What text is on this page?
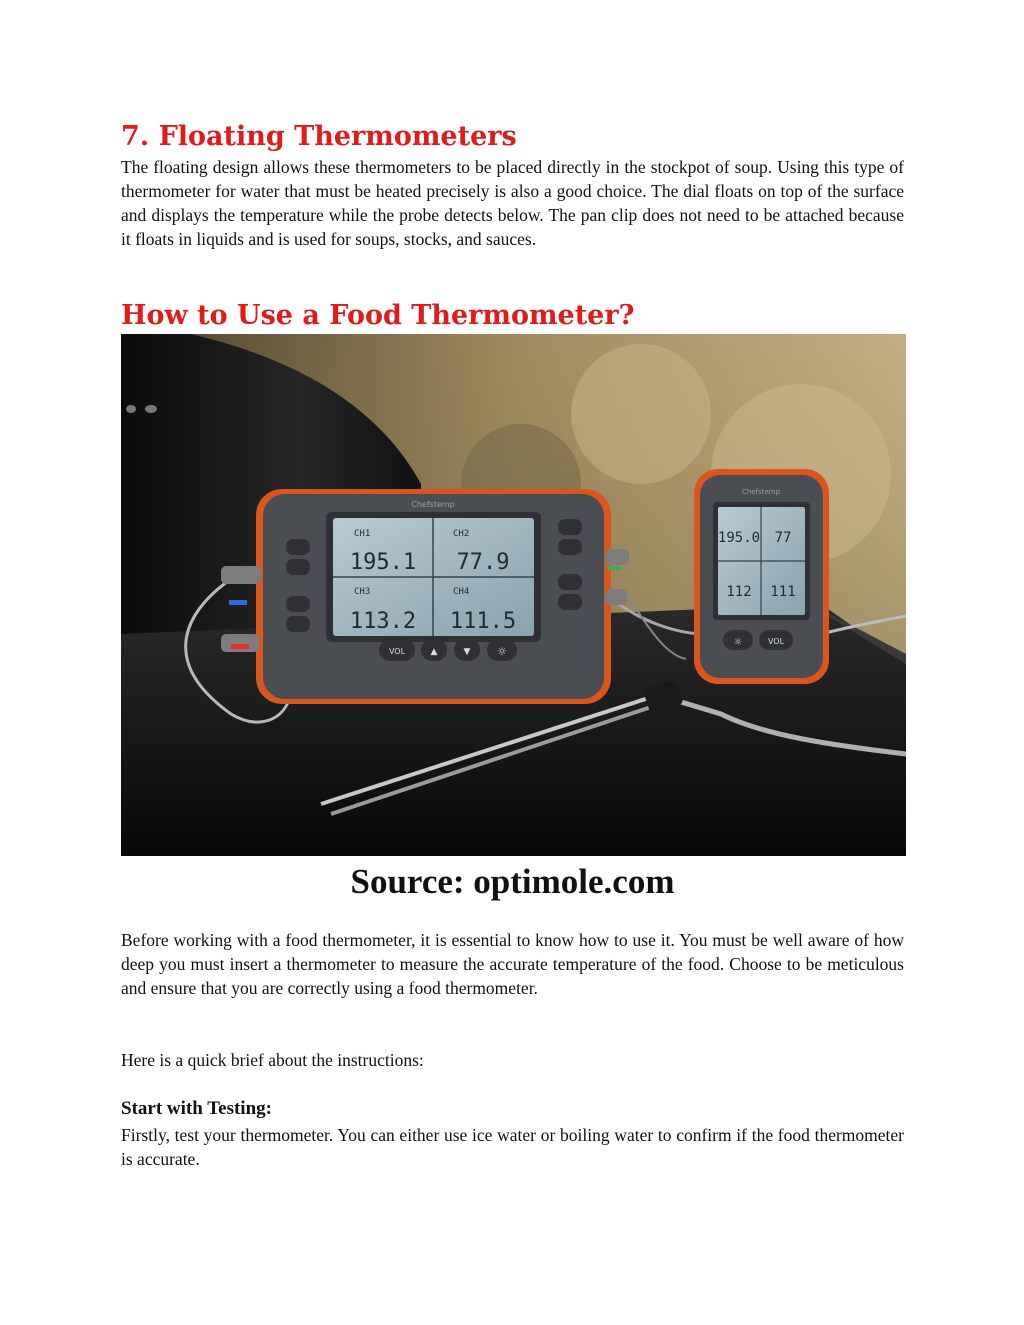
7. Floating Thermometers

The floating design allows these thermometers to be placed directly in the stockpot of soup. Using this type of thermometer for water that must be heated precisely is also a good choice. The dial floats on top of the surface and displays the temperature while the probe detects below. The pan clip does not need to be attached because it floats in liquids and is used for soups, stocks, and sauces.

How to Use a Food Thermometer?
195.1 77.9
113.2 111.5
CH1	CH2
CH3	CH4
Chefstemp
VOL	▲	▼ ☼
195.0 77
112 111
Chefstemp
☼	VOL
Source: optimole.com

Before working with a food thermometer, it is essential to know how to use it. You must be well aware of how deep you must insert a thermometer to measure the accurate temperature of the food. Choose to be meticulous and ensure that you are correctly using a food thermometer.

Here is a quick brief about the instructions:

Start with Testing:

Firstly, test your thermometer. You can either use ice water or boiling water to confirm if the food thermometer is accurate.
